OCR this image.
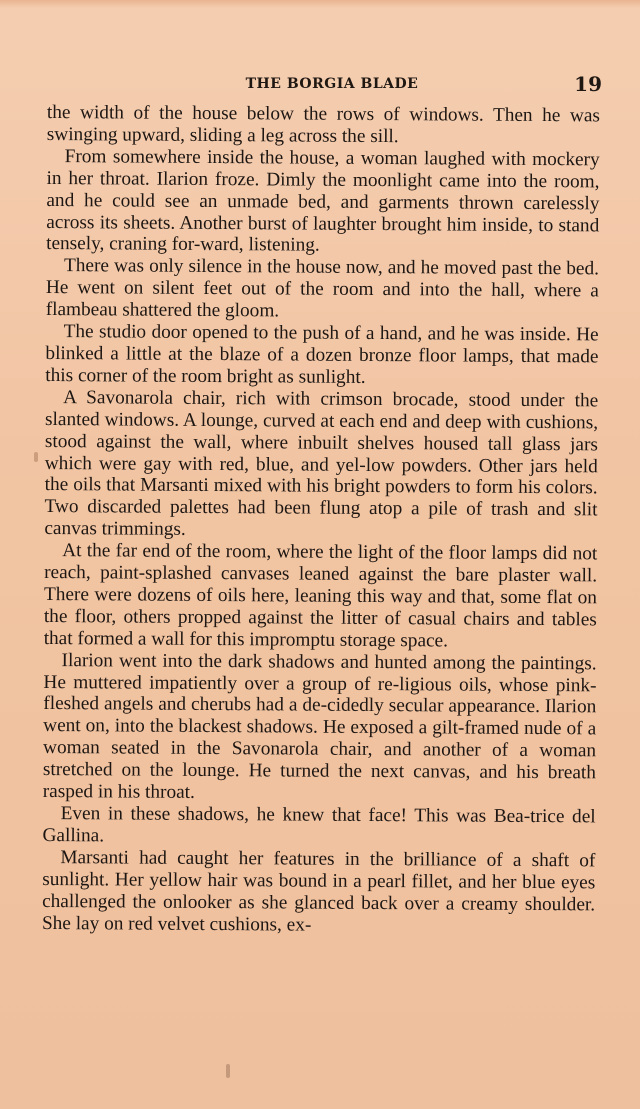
THE BORGIA BLADE	19

the width of the house below the rows of windows. Then he was swinging upward, sliding a leg across the sill.

From somewhere inside the house, a woman laughed with mockery in her throat. Ilarion froze. Dimly the moonlight came into the room, and he could see an unmade bed, and garments thrown carelessly across its sheets. Another burst of laughter brought him inside, to stand tensely, craning for-ward, listening.

There was only silence in the house now, and he moved past the bed. He went on silent feet out of the room and into the hall, where a flambeau shattered the gloom.

The studio door opened to the push of a hand, and he was inside. He blinked a little at the blaze of a dozen bronze floor lamps, that made this corner of the room bright as sunlight.

A Savonarola chair, rich with crimson brocade, stood under the slanted windows. A lounge, curved at each end and deep with cushions, stood against the wall, where inbuilt shelves housed tall glass jars which were gay with red, blue, and yel-low powders. Other jars held the oils that Marsanti mixed with his bright powders to form his colors. Two discarded palettes had been flung atop a pile of trash and slit canvas trimmings.

At the far end of the room, where the light of the floor lamps did not reach, paint-splashed canvases leaned against the bare plaster wall. There were dozens of oils here, leaning this way and that, some flat on the floor, others propped against the litter of casual chairs and tables that formed a wall for this impromptu storage space.

Ilarion went into the dark shadows and hunted among the paintings. He muttered impatiently over a group of re-ligious oils, whose pink-fleshed angels and cherubs had a de-cidedly secular appearance. Ilarion went on, into the blackest shadows. He exposed a gilt-framed nude of a woman seated in the Savonarola chair, and another of a woman stretched on the lounge. He turned the next canvas, and his breath rasped in his throat.

Even in these shadows, he knew that face! This was Bea-trice del Gallina.

Marsanti had caught her features in the brilliance of a shaft of sunlight. Her yellow hair was bound in a pearl fillet, and her blue eyes challenged the onlooker as she glanced back over a creamy shoulder. She lay on red velvet cushions, ex-
